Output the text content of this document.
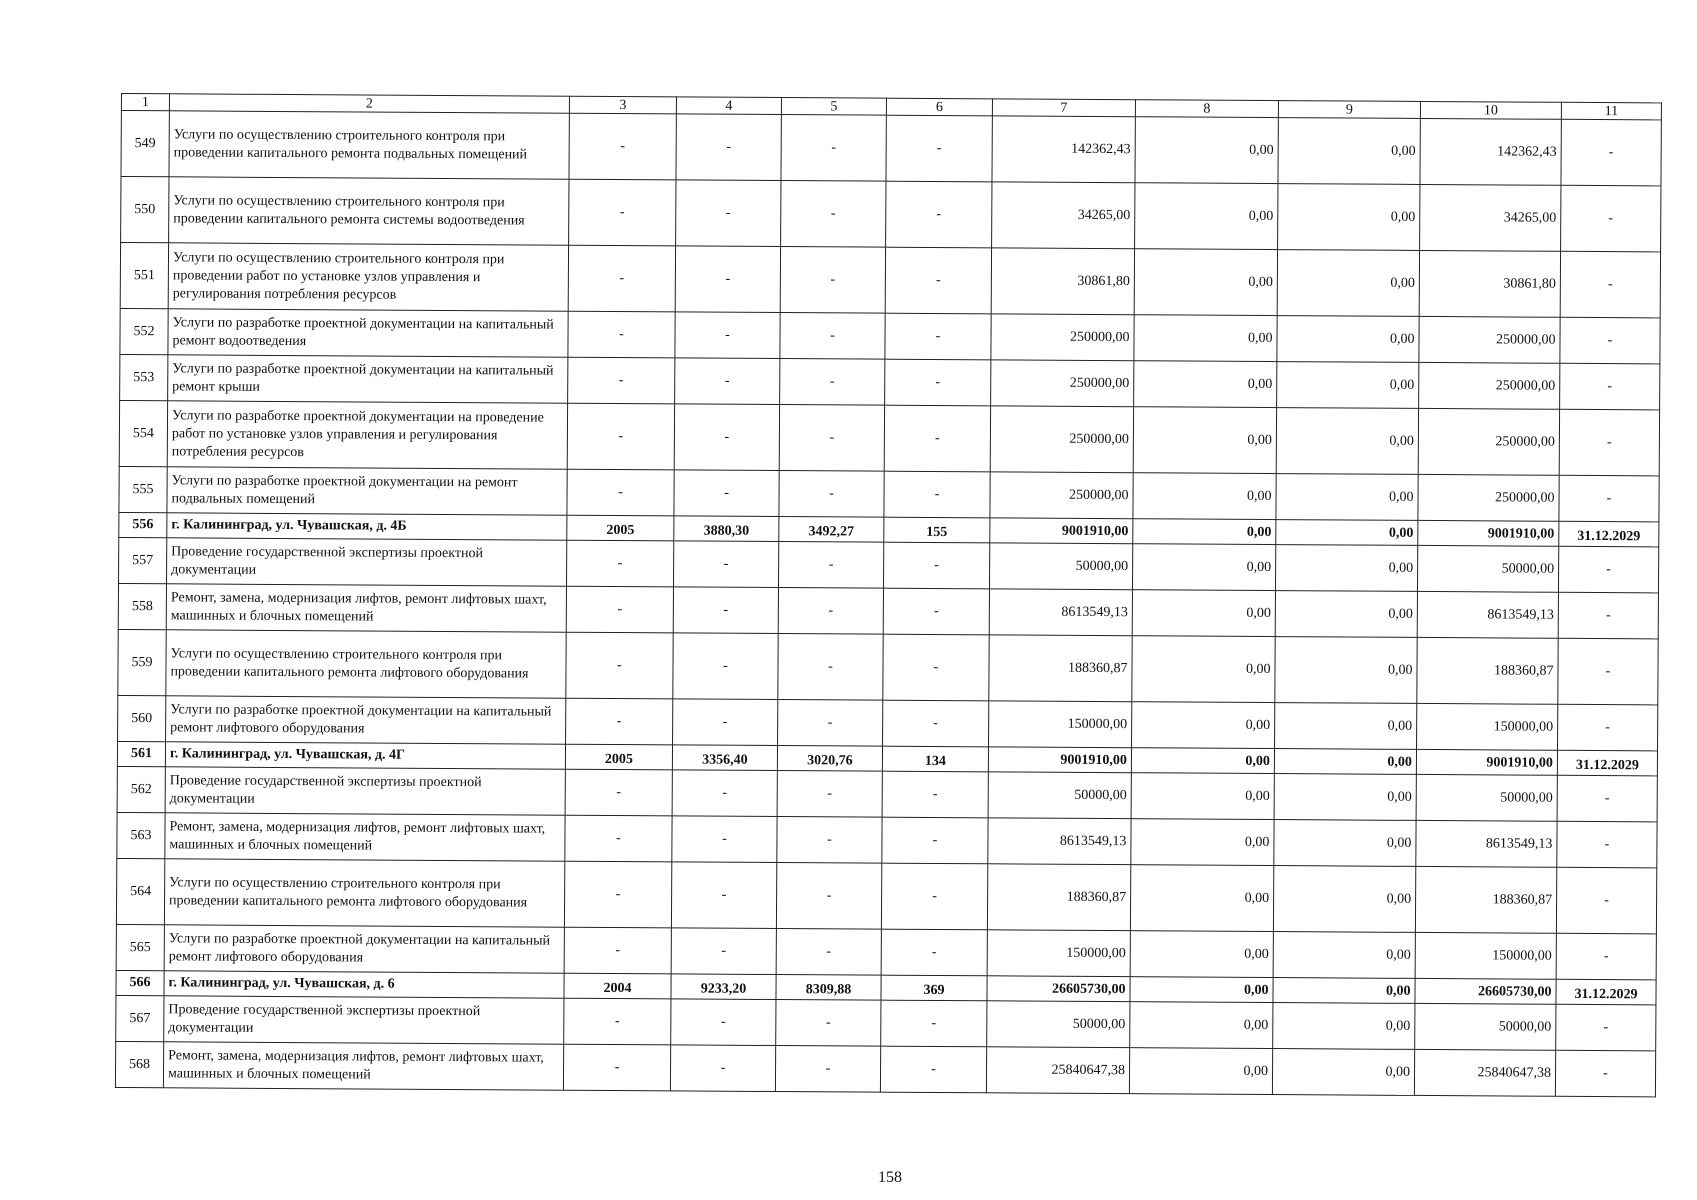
1	2	3	4	5	6	7	8	9	10	11
549	Услуги по осуществлению строительного контроля при проведении капитального ремонта подвальных помещений	-	-	-	-	142362,43	0,00	0,00	142362,43	-
550	Услуги по осуществлению строительного контроля при проведении капитального ремонта системы водоотведения	-	-	-	-	34265,00	0,00	0,00	34265,00	-
551	Услуги по осуществлению строительного контроля при проведении работ по установке узлов управления и регулирования потребления ресурсов	-	-	-	-	30861,80	0,00	0,00	30861,80	-
552	Услуги по разработке проектной документации на капитальный ремонт водоотведения	-	-	-	-	250000,00	0,00	0,00	250000,00	-
553	Услуги по разработке проектной документации на капитальный ремонт крыши	-	-	-	-	250000,00	0,00	0,00	250000,00	-
554	Услуги по разработке проектной документации на проведение работ по установке узлов управления и регулирования потребления ресурсов	-	-	-	-	250000,00	0,00	0,00	250000,00	-
555	Услуги по разработке проектной документации на ремонт подвальных помещений	-	-	-	-	250000,00	0,00	0,00	250000,00	-
556	г. Калининград, ул. Чувашская, д. 4Б	2005	3880,30	3492,27	155	9001910,00	0,00	0,00	9001910,00	31.12.2029
557	Проведение государственной экспертизы проектной документации	-	-	-	-	50000,00	0,00	0,00	50000,00	-
558	Ремонт, замена, модернизация лифтов, ремонт лифтовых шахт, машинных и блочных помещений	-	-	-	-	8613549,13	0,00	0,00	8613549,13	-
559	Услуги по осуществлению строительного контроля при проведении капитального ремонта лифтового оборудования	-	-	-	-	188360,87	0,00	0,00	188360,87	-
560	Услуги по разработке проектной документации на капитальный ремонт лифтового оборудования	-	-	-	-	150000,00	0,00	0,00	150000,00	-
561	г. Калининград, ул. Чувашская, д. 4Г	2005	3356,40	3020,76	134	9001910,00	0,00	0,00	9001910,00	31.12.2029
562	Проведение государственной экспертизы проектной документации	-	-	-	-	50000,00	0,00	0,00	50000,00	-
563	Ремонт, замена, модернизация лифтов, ремонт лифтовых шахт, машинных и блочных помещений	-	-	-	-	8613549,13	0,00	0,00	8613549,13	-
564	Услуги по осуществлению строительного контроля при проведении капитального ремонта лифтового оборудования	-	-	-	-	188360,87	0,00	0,00	188360,87	-
565	Услуги по разработке проектной документации на капитальный ремонт лифтового оборудования	-	-	-	-	150000,00	0,00	0,00	150000,00	-
566	г. Калининград, ул. Чувашская, д. 6	2004	9233,20	8309,88	369	26605730,00	0,00	0,00	26605730,00	31.12.2029
567	Проведение государственной экспертизы проектной документации	-	-	-	-	50000,00	0,00	0,00	50000,00	-
568	Ремонт, замена, модернизация лифтов, ремонт лифтовых шахт, машинных и блочных помещений	-	-	-	-	25840647,38	0,00	0,00	25840647,38	-
158
